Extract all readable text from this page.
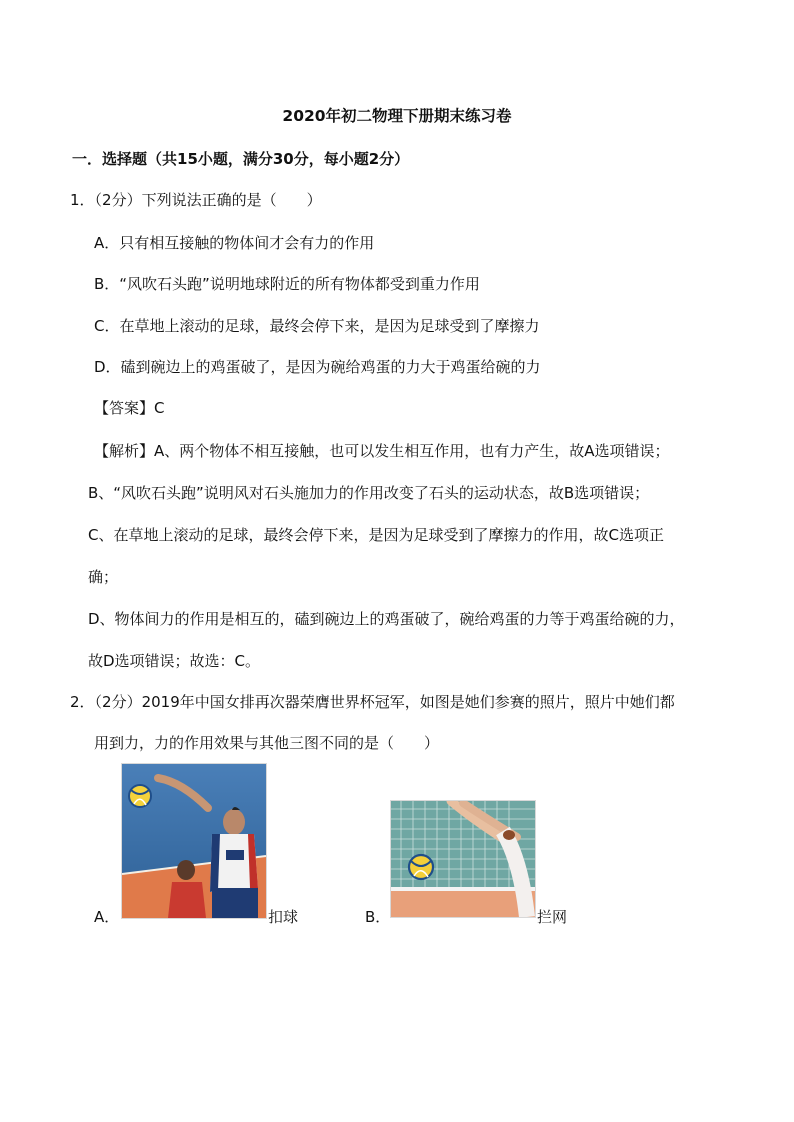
2020年初二物理下册期末练习卷
一．选择题（共15小题，满分30分，每小题2分）
1．（2分）下列说法正确的是（　　）
A．只有相互接触的物体间才会有力的作用
B．“风吹石头跑”说明地球附近的所有物体都受到重力作用
C．在草地上滚动的足球，最终会停下来，是因为足球受到了摩擦力
D．磕到碗边上的鸡蛋破了，是因为碗给鸡蛋的力大于鸡蛋给碗的力
【答案】C
【解析】A、两个物体不相互接触，也可以发生相互作用，也有力产生，故A选项错误；
B、“风吹石头跑”说明风对石头施加力的作用改变了石头的运动状态，故B选项错误；
C、在草地上滚动的足球，最终会停下来，是因为足球受到了摩擦力的作用，故C选项正
确；
D、物体间力的作用是相互的，磕到碗边上的鸡蛋破了，碗给鸡蛋的力等于鸡蛋给碗的力，
故D选项错误；故选：C。
2．（2分）2019年中国女排再次器荣膺世界杯冠军，如图是她们参赛的照片，照片中她们都
用到力，力的作用效果与其他三图不同的是（　　）
A．	扣球	B．	拦网
